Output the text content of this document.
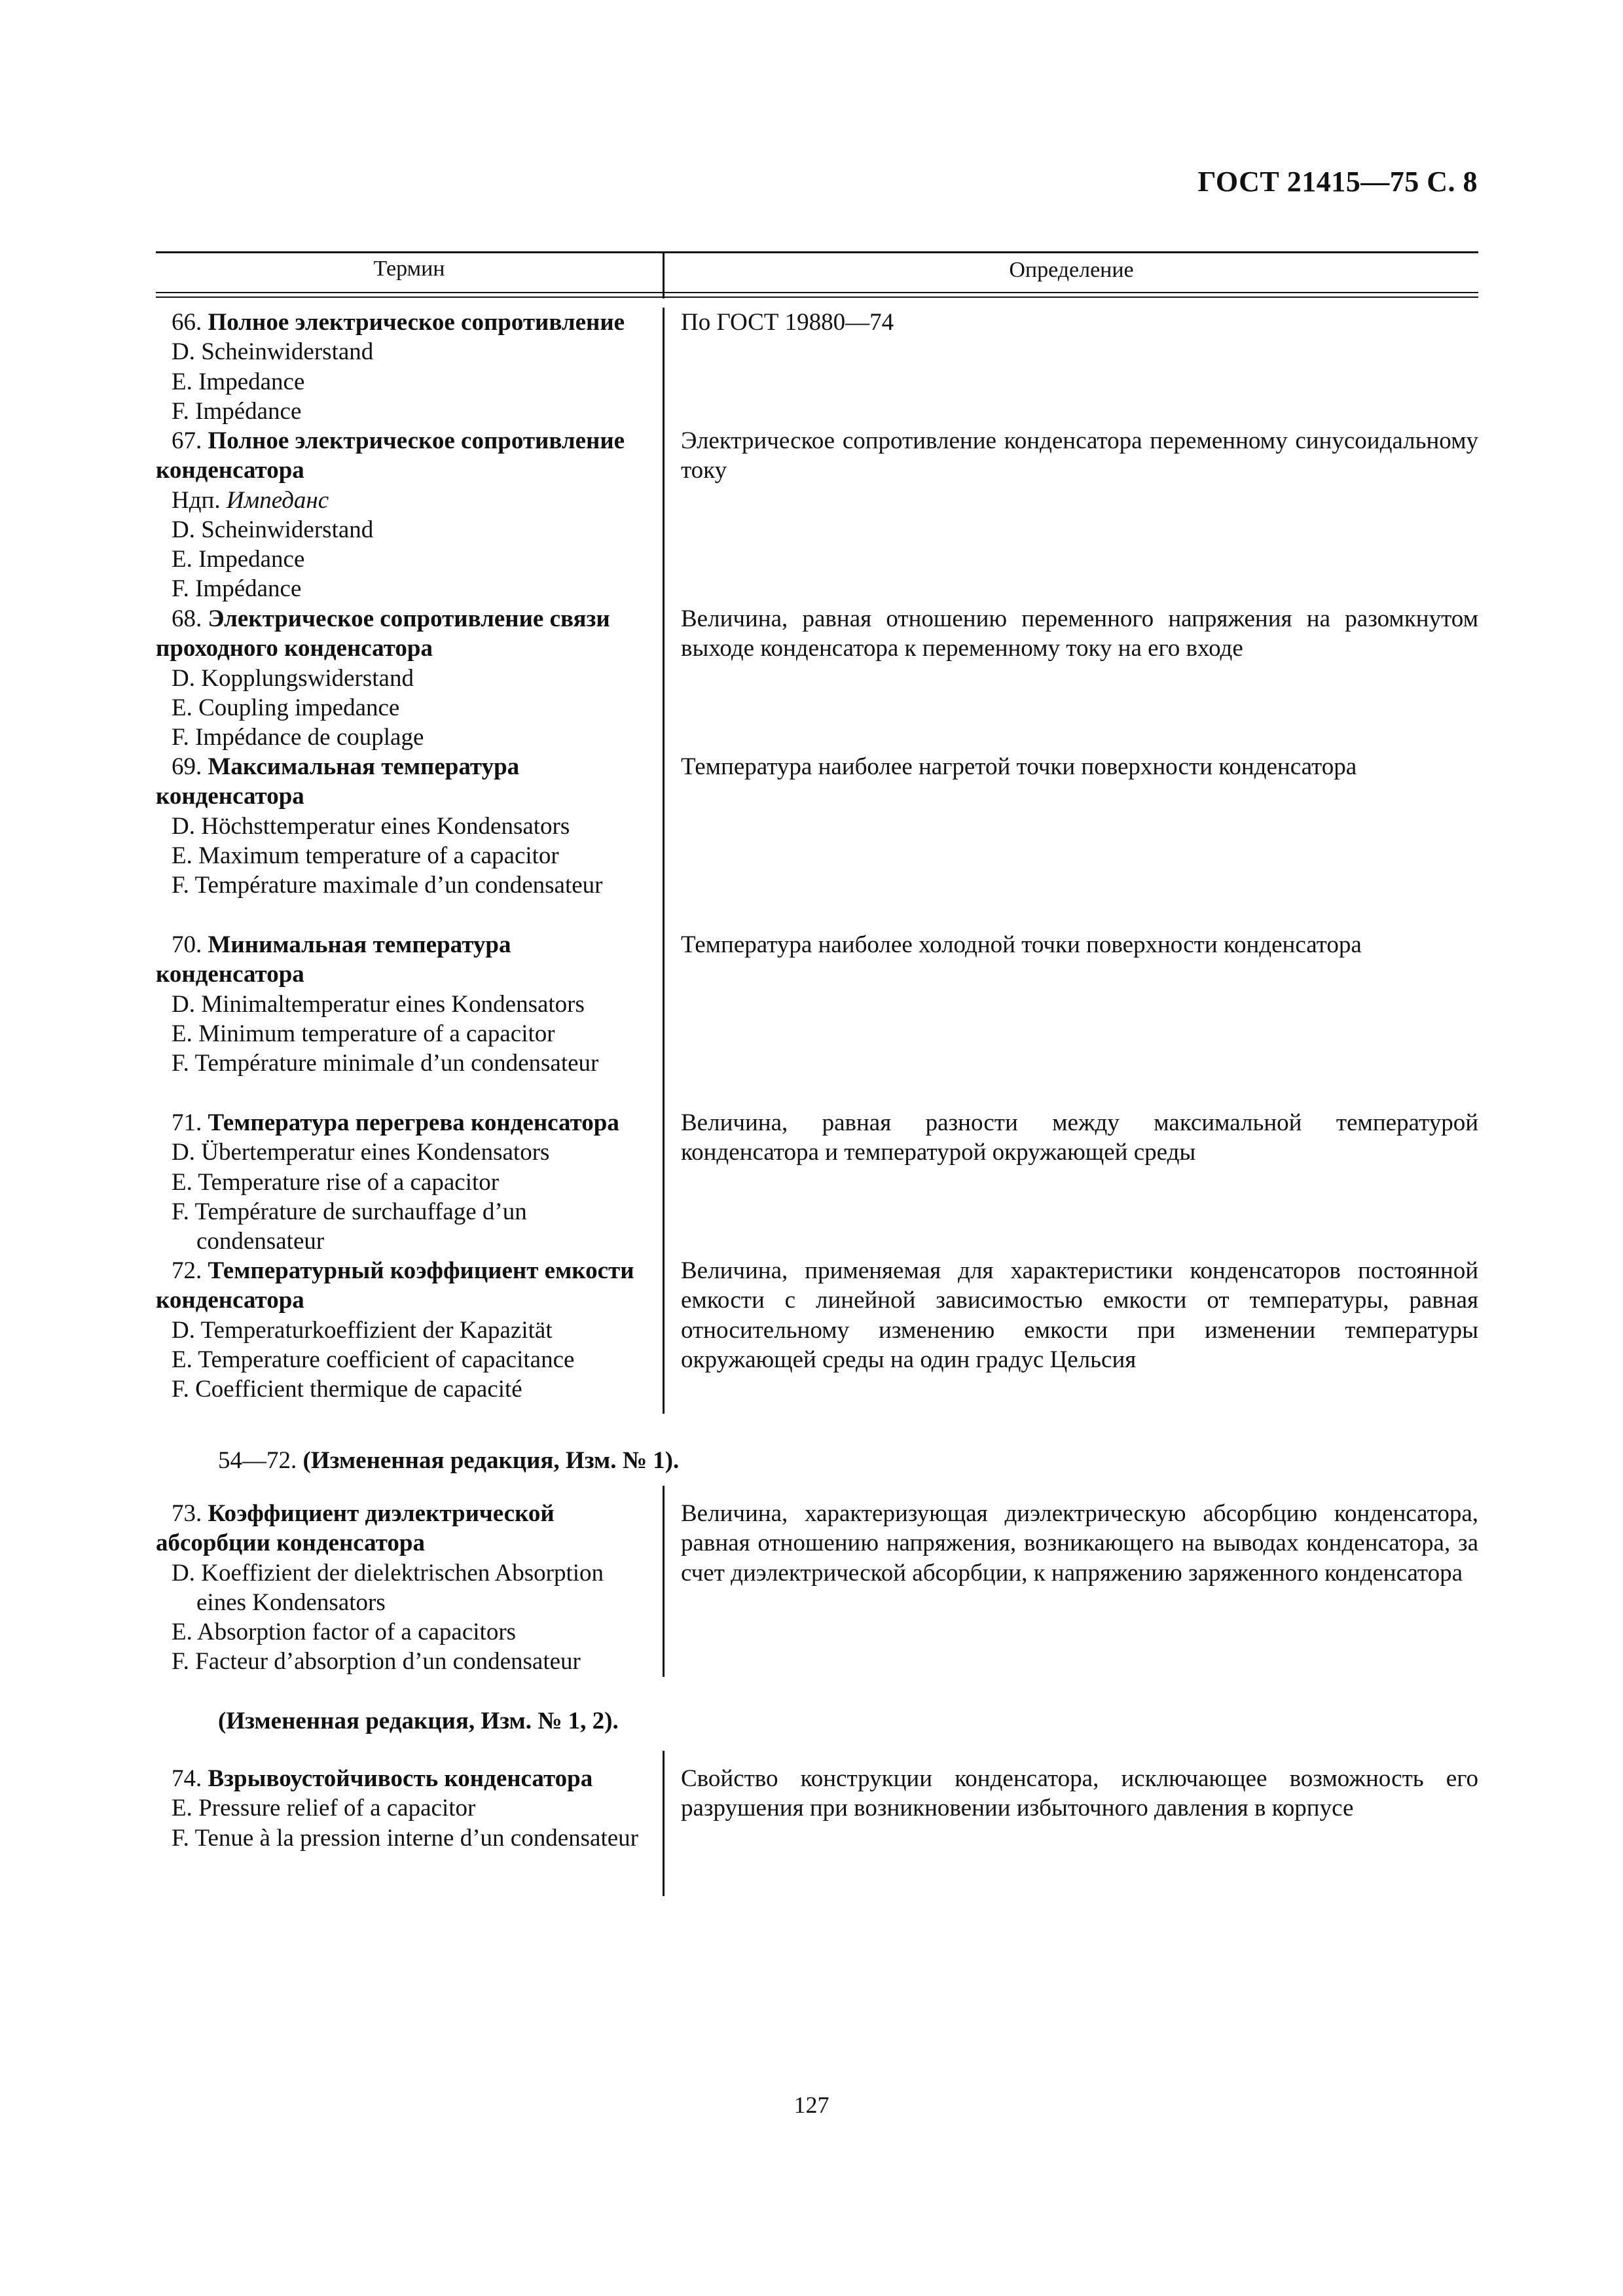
ГОСТ 21415—75 С. 8
Термин	Определение
66. Полное электрическое сопротивление
D. Scheinwiderstand
E. Impedance
F. Impédance
По ГОСТ 19880—74
67. Полное электрическое сопротивление конденсатора
Ндп. Импеданс
D. Scheinwiderstand
E. Impedance
F. Impédance
Электрическое сопротивление конденсатора переменному синусоидальному току
68. Электрическое сопротивление связи проходного конденсатора
D. Kopplungswiderstand
E. Coupling impedance
F. Impédance de couplage
Величина, равная отношению переменного напряжения на разомкнутом выходе конденсатора к переменному току на его входе
69. Максимальная температура конденсатора
D. Höchsttemperatur eines Kondensators
E. Maximum temperature of a capacitor
F. Température maximale d’un condensateur
Температура наиболее нагретой точки поверхности конденсатора
70. Минимальная температура конденсатора
D. Minimaltemperatur eines Kondensators
E. Minimum temperature of a capacitor
F. Température minimale d’un condensateur
Температура наиболее холодной точки поверхности конденсатора
71. Температура перегрева конденсатора
D. Übertemperatur eines Kondensators
E. Temperature rise of a capacitor
F. Température de surchauffage d’un condensateur
Величина, равная разности между максимальной температурой конденсатора и температурой окружающей среды
72. Температурный коэффициент емкости конденсатора
D. Temperaturkoeffizient der Kapazität
E. Temperature coefficient of capacitance
F. Coefficient thermique de capacité
Величина, применяемая для характеристики конденсаторов постоянной емкости с линейной зависимостью емкости от температуры, равная относительному изменению емкости при изменении температуры окружающей среды на один градус Цельсия
54—72. (Измененная редакция, Изм. № 1).
73. Коэффициент диэлектрической абсорбции конденсатора
D. Koeffizient der dielektrischen Absorption eines Kondensators
E. Absorption factor of a capacitors
F. Facteur d’absorption d’un condensateur
Величина, характеризующая диэлектрическую абсорбцию конденсатора, равная отношению напряжения, возникающего на выводах конденсатора, за счет диэлектрической абсорбции, к напряжению заряженного конденсатора
(Измененная редакция, Изм. № 1, 2).
74. Взрывоустойчивость конденсатора
E. Pressure relief of a capacitor
F. Tenue à la pression interne d’un condensateur
Свойство конструкции конденсатора, исключающее возможность его разрушения при возникновении избыточного давления в корпусе
127
